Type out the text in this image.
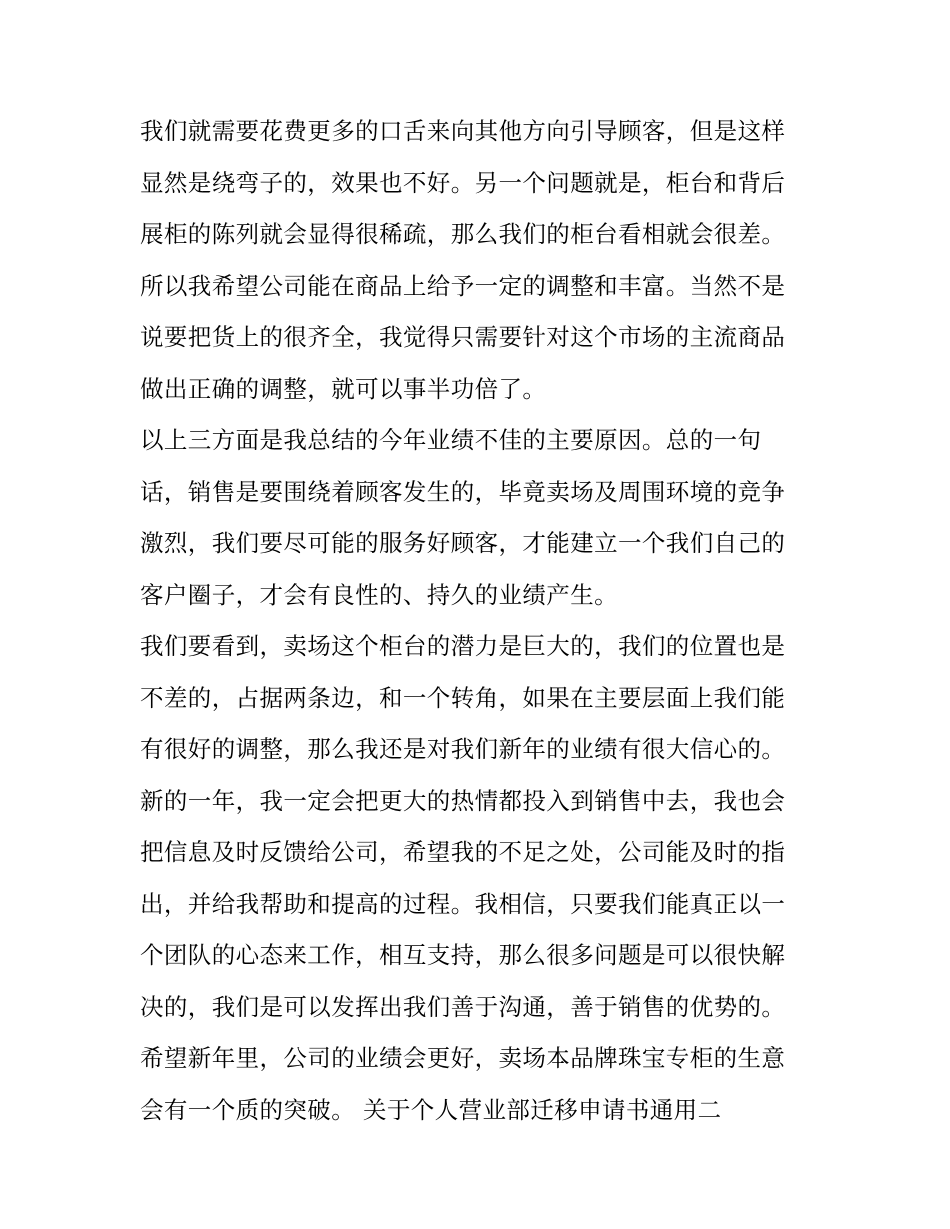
我们就需要花费更多的口舌来向其他方向引导顾客，但是这样
显然是绕弯子的，效果也不好。另一个问题就是，柜台和背后
展柜的陈列就会显得很稀疏，那么我们的柜台看相就会很差。
所以我希望公司能在商品上给予一定的调整和丰富。当然不是
说要把货上的很齐全，我觉得只需要针对这个市场的主流商品
做出正确的调整，就可以事半功倍了。
以上三方面是我总结的今年业绩不佳的主要原因。总的一句
话，销售是要围绕着顾客发生的，毕竟卖场及周围环境的竞争
激烈，我们要尽可能的服务好顾客，才能建立一个我们自己的
客户圈子，才会有良性的、持久的业绩产生。
我们要看到，卖场这个柜台的潜力是巨大的，我们的位置也是
不差的，占据两条边，和一个转角，如果在主要层面上我们能
有很好的调整，那么我还是对我们新年的业绩有很大信心的。
新的一年，我一定会把更大的热情都投入到销售中去，我也会
把信息及时反馈给公司，希望我的不足之处，公司能及时的指
出，并给我帮助和提高的过程。我相信，只要我们能真正以一
个团队的心态来工作，相互支持，那么很多问题是可以很快解
决的，我们是可以发挥出我们善于沟通，善于销售的优势的。
希望新年里，公司的业绩会更好，卖场本品牌珠宝专柜的生意
会有一个质的突破。 关于个人营业部迁移申请书通用二
